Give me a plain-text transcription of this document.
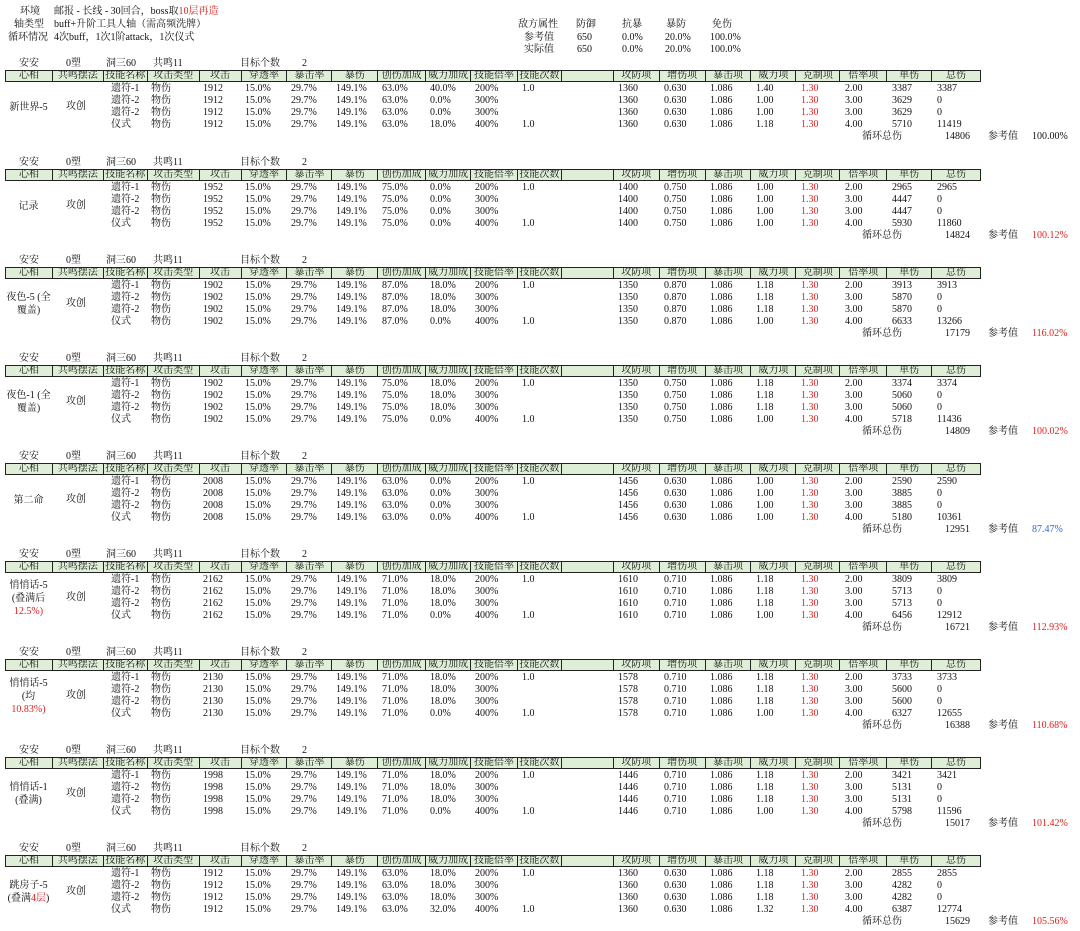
环境 邮报 - 长线 - 30回合，boss取10层再造
轴类型 buff+升阶工具人轴（需高频洗牌）
循环情况 4次buff，1次1阶attack，1次仪式
敌方属性 防御	抗暴 暴防	免伤
参考值 650	0.0% 20.0% 100.0%
实际值 650	0.0% 20.0% 100.0%
安安	0塑	洞三60 共鸣11	目标个数 2
心相	共鸣摆法 技能名称 攻击类型	攻击	穿透率	暴击率	暴伤	创伤加成 威力加成 技能倍率 技能次数	攻防项	增伤项	暴击项	威力项	克制项	倍率项	单伤	总伤
新世界-5	攻创
遗符-1 物伤	1912 15.0% 29.7% 149.1% 63.0% 40.0% 200% 1.0	1360	0.630 1.086 1.40	1.30	2.00	3387	3387
遗符-2 物伤	1912 15.0% 29.7% 149.1% 63.0% 0.0% 300%	1360	0.630 1.086 1.00	1.30	3.00	3629	0
遗符-2 物伤	1912 15.0% 29.7% 149.1% 63.0% 0.0% 300%	1360	0.630 1.086 1.00	1.30	3.00	3629	0
仪式 物伤	1912 15.0% 29.7% 149.1% 63.0% 18.0% 400% 1.0	1360	0.630 1.086 1.18	1.30	4.00	5710	11419
循环总伤	14806 参考值 100.00%
安安	0塑	洞三60 共鸣11	目标个数 2
心相	共鸣摆法 技能名称 攻击类型	攻击	穿透率	暴击率	暴伤	创伤加成 威力加成 技能倍率 技能次数	攻防项	增伤项	暴击项	威力项	克制项	倍率项	单伤	总伤
记录	攻创
遗符-1 物伤	1952 15.0% 29.7% 149.1% 75.0% 0.0% 200% 1.0	1400	0.750 1.086 1.00	1.30	2.00	2965	2965
遗符-2 物伤	1952 15.0% 29.7% 149.1% 75.0% 0.0% 300%	1400	0.750 1.086 1.00	1.30	3.00	4447	0
遗符-2 物伤	1952 15.0% 29.7% 149.1% 75.0% 0.0% 300%	1400	0.750 1.086 1.00	1.30	3.00	4447	0
仪式 物伤	1952 15.0% 29.7% 149.1% 75.0% 0.0% 400% 1.0	1400	0.750 1.086 1.00	1.30	4.00	5930	11860
循环总伤	14824 参考值 100.12%
安安	0塑	洞三60 共鸣11	目标个数 2
心相	共鸣摆法 技能名称 攻击类型	攻击	穿透率	暴击率	暴伤	创伤加成 威力加成 技能倍率 技能次数	攻防项	增伤项	暴击项	威力项	克制项	倍率项	单伤	总伤
夜色-5 (全
覆盖)
攻创
遗符-1 物伤	1902 15.0% 29.7% 149.1% 87.0% 18.0% 200% 1.0	1350	0.870 1.086 1.18	1.30	2.00	3913	3913
遗符-2 物伤	1902 15.0% 29.7% 149.1% 87.0% 18.0% 300%	1350	0.870 1.086 1.18	1.30	3.00	5870	0
遗符-2 物伤	1902 15.0% 29.7% 149.1% 87.0% 18.0% 300%	1350	0.870 1.086 1.18	1.30	3.00	5870	0
仪式 物伤	1902 15.0% 29.7% 149.1% 87.0% 0.0% 400% 1.0	1350	0.870 1.086 1.00	1.30	4.00	6633	13266
循环总伤	17179 参考值 116.02%
安安	0塑	洞三60 共鸣11	目标个数 2
心相	共鸣摆法 技能名称 攻击类型	攻击	穿透率	暴击率	暴伤	创伤加成 威力加成 技能倍率 技能次数	攻防项	增伤项	暴击项	威力项	克制项	倍率项	单伤	总伤
夜色-1 (全
覆盖)
攻创
遗符-1 物伤	1902 15.0% 29.7% 149.1% 75.0% 18.0% 200% 1.0	1350	0.750 1.086 1.18	1.30	2.00	3374	3374
遗符-2 物伤	1902 15.0% 29.7% 149.1% 75.0% 18.0% 300%	1350	0.750 1.086 1.18	1.30	3.00	5060	0
遗符-2 物伤	1902 15.0% 29.7% 149.1% 75.0% 18.0% 300%	1350	0.750 1.086 1.18	1.30	3.00	5060	0
仪式 物伤	1902 15.0% 29.7% 149.1% 75.0% 0.0% 400% 1.0	1350	0.750 1.086 1.00	1.30	4.00	5718	11436
循环总伤	14809 参考值 100.02%
安安	0塑	洞三60 共鸣11	目标个数 2
心相	共鸣摆法 技能名称 攻击类型	攻击	穿透率	暴击率	暴伤	创伤加成 威力加成 技能倍率 技能次数	攻防项	增伤项	暴击项	威力项	克制项	倍率项	单伤	总伤
第二命	攻创
遗符-1 物伤	2008 15.0% 29.7% 149.1% 63.0% 0.0% 200% 1.0	1456	0.630 1.086 1.00	1.30	2.00	2590	2590
遗符-2 物伤	2008 15.0% 29.7% 149.1% 63.0% 0.0% 300%	1456	0.630 1.086 1.00	1.30	3.00	3885	0
遗符-2 物伤	2008 15.0% 29.7% 149.1% 63.0% 0.0% 300%	1456	0.630 1.086 1.00	1.30	3.00	3885	0
仪式 物伤	2008 15.0% 29.7% 149.1% 63.0% 0.0% 400% 1.0	1456	0.630 1.086 1.00	1.30	4.00	5180	10361
循环总伤	12951 参考值 87.47%
安安	0塑	洞三60 共鸣11	目标个数 2
心相	共鸣摆法 技能名称 攻击类型	攻击	穿透率	暴击率	暴伤	创伤加成 威力加成 技能倍率 技能次数	攻防项	增伤项	暴击项	威力项	克制项	倍率项	单伤	总伤
悄悄话-5
(叠满后
12.5%)
攻创
遗符-1 物伤	2162 15.0% 29.7% 149.1% 71.0% 18.0% 200% 1.0	1610	0.710 1.086 1.18	1.30	2.00	3809	3809
遗符-2 物伤	2162 15.0% 29.7% 149.1% 71.0% 18.0% 300%	1610	0.710 1.086 1.18	1.30	3.00	5713	0
遗符-2 物伤	2162 15.0% 29.7% 149.1% 71.0% 18.0% 300%	1610	0.710 1.086 1.18	1.30	3.00	5713	0
仪式 物伤	2162 15.0% 29.7% 149.1% 71.0% 0.0% 400% 1.0	1610	0.710 1.086 1.00	1.30	4.00	6456	12912
循环总伤	16721 参考值 112.93%
安安	0塑	洞三60 共鸣11	目标个数 2
心相	共鸣摆法 技能名称 攻击类型	攻击	穿透率	暴击率	暴伤	创伤加成 威力加成 技能倍率 技能次数	攻防项	增伤项	暴击项	威力项	克制项	倍率项	单伤	总伤
悄悄话-5
(均
10.83%)
攻创
遗符-1 物伤	2130 15.0% 29.7% 149.1% 71.0% 18.0% 200% 1.0	1578	0.710 1.086 1.18	1.30	2.00	3733	3733
遗符-2 物伤	2130 15.0% 29.7% 149.1% 71.0% 18.0% 300%	1578	0.710 1.086 1.18	1.30	3.00	5600	0
遗符-2 物伤	2130 15.0% 29.7% 149.1% 71.0% 18.0% 300%	1578	0.710 1.086 1.18	1.30	3.00	5600	0
仪式 物伤	2130 15.0% 29.7% 149.1% 71.0% 0.0% 400% 1.0	1578	0.710 1.086 1.00	1.30	4.00	6327	12655
循环总伤	16388 参考值 110.68%
安安	0塑	洞三60 共鸣11	目标个数 2
心相	共鸣摆法 技能名称 攻击类型	攻击	穿透率	暴击率	暴伤	创伤加成 威力加成 技能倍率 技能次数	攻防项	增伤项	暴击项	威力项	克制项	倍率项	单伤	总伤
悄悄话-1
(叠满)
攻创
遗符-1 物伤	1998 15.0% 29.7% 149.1% 71.0% 18.0% 200% 1.0	1446	0.710 1.086 1.18	1.30	2.00	3421	3421
遗符-2 物伤	1998 15.0% 29.7% 149.1% 71.0% 18.0% 300%	1446	0.710 1.086 1.18	1.30	3.00	5131	0
遗符-2 物伤	1998 15.0% 29.7% 149.1% 71.0% 18.0% 300%	1446	0.710 1.086 1.18	1.30	3.00	5131	0
仪式 物伤	1998 15.0% 29.7% 149.1% 71.0% 0.0% 400% 1.0	1446	0.710 1.086 1.00	1.30	4.00	5798	11596
循环总伤	15017 参考值 101.42%
安安	0塑	洞三60 共鸣11	目标个数 2
心相	共鸣摆法 技能名称 攻击类型	攻击	穿透率	暴击率	暴伤	创伤加成 威力加成 技能倍率 技能次数	攻防项	增伤项	暴击项	威力项	克制项	倍率项	单伤	总伤
跳房子-5
(叠满4层)
攻创
遗符-1 物伤	1912 15.0% 29.7% 149.1% 63.0% 18.0% 200% 1.0	1360	0.630 1.086 1.18	1.30	2.00	2855	2855
遗符-2 物伤	1912 15.0% 29.7% 149.1% 63.0% 18.0% 300%	1360	0.630 1.086 1.18	1.30	3.00	4282	0
遗符-2 物伤	1912 15.0% 29.7% 149.1% 63.0% 18.0% 300%	1360	0.630 1.086 1.18	1.30	3.00	4282	0
仪式 物伤	1912 15.0% 29.7% 149.1% 63.0% 32.0% 400% 1.0	1360	0.630 1.086 1.32	1.30	4.00	6387	12774
循环总伤	15629 参考值 105.56%
